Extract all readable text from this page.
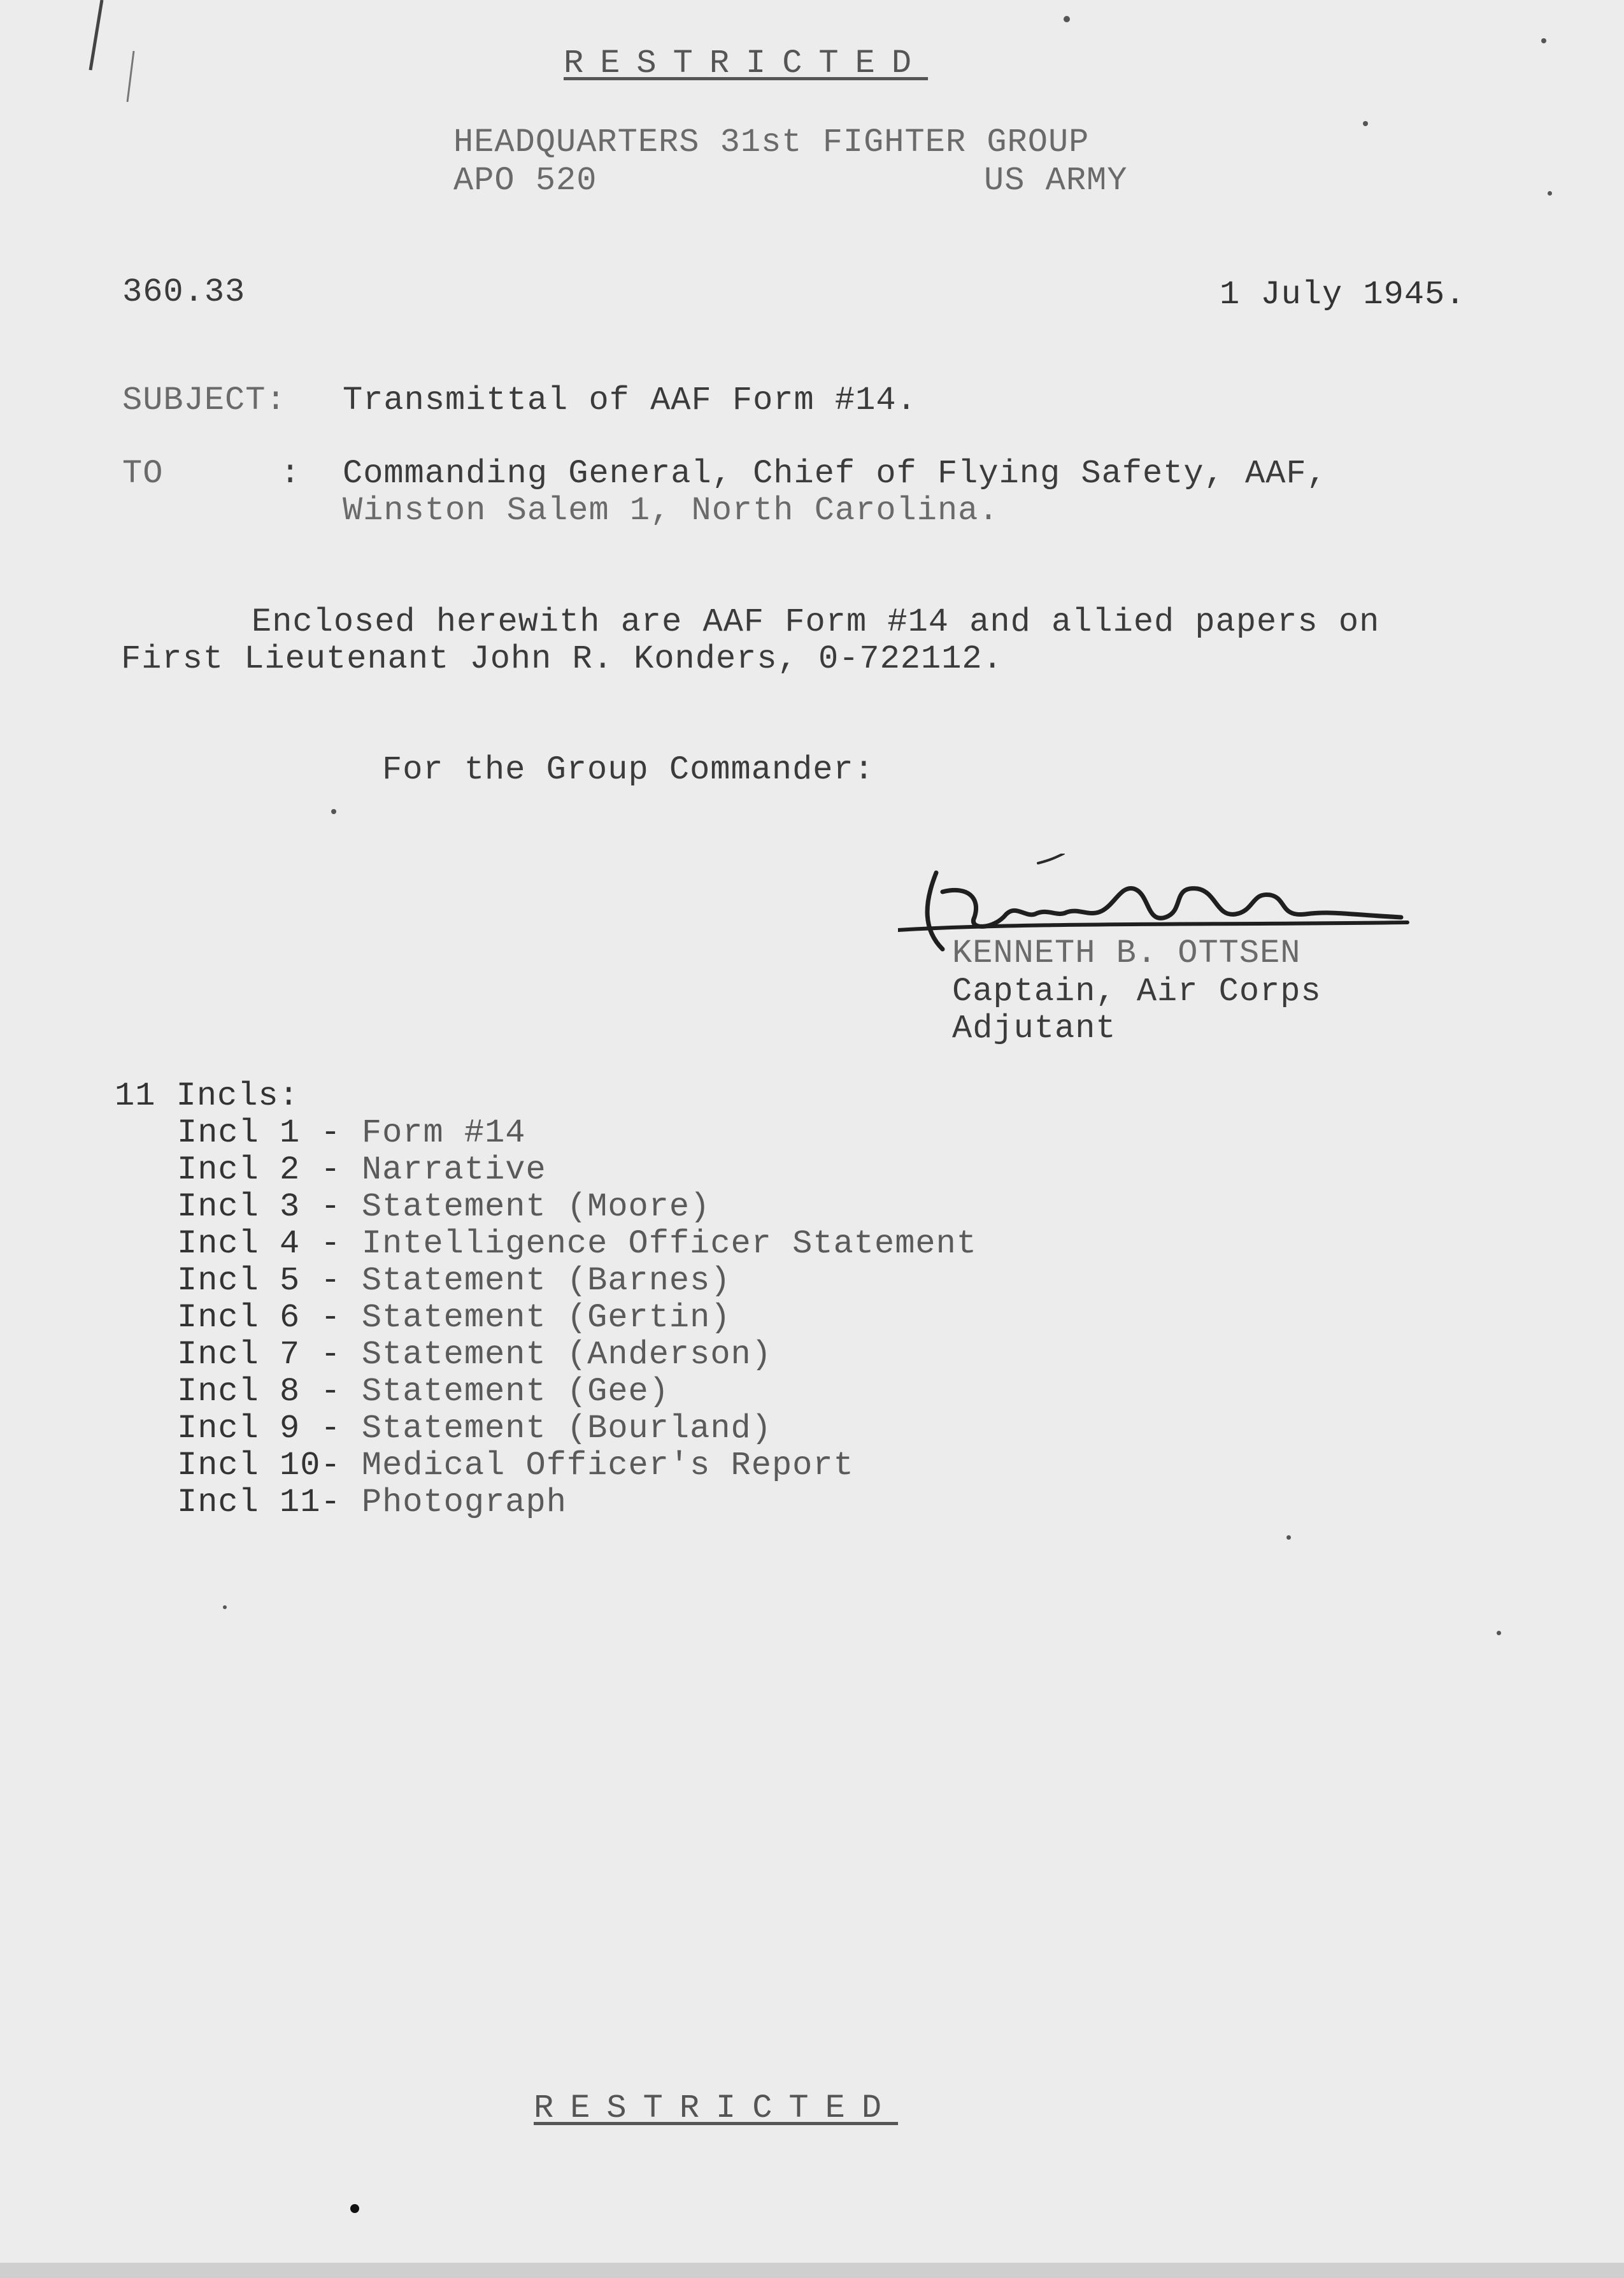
RESTRICTED
HEADQUARTERS 31st FIGHTER GROUP
APO 520	US ARMY
360.33	1 July 1945.
SUBJECT: Transmittal of AAF Form #14.
TO	: Commanding General, Chief of Flying Safety, AAF,
Winston Salem 1, North Carolina.
Enclosed herewith are AAF Form #14 and allied papers on
First Lieutenant John R. Konders, 0-722112.
For the Group Commander:
KENNETH B. OTTSEN
Captain, Air Corps
Adjutant
11 Incls:
Incl 1 - Form #14
Incl 2 - Narrative
Incl 3 - Statement (Moore)
Incl 4 - Intelligence Officer Statement
Incl 5 - Statement (Barnes)
Incl 6 - Statement (Gertin)
Incl 7 - Statement (Anderson)
Incl 8 - Statement (Gee)
Incl 9 - Statement (Bourland)
Incl 10- Medical Officer's Report
Incl 11- Photograph
RESTRICTED
